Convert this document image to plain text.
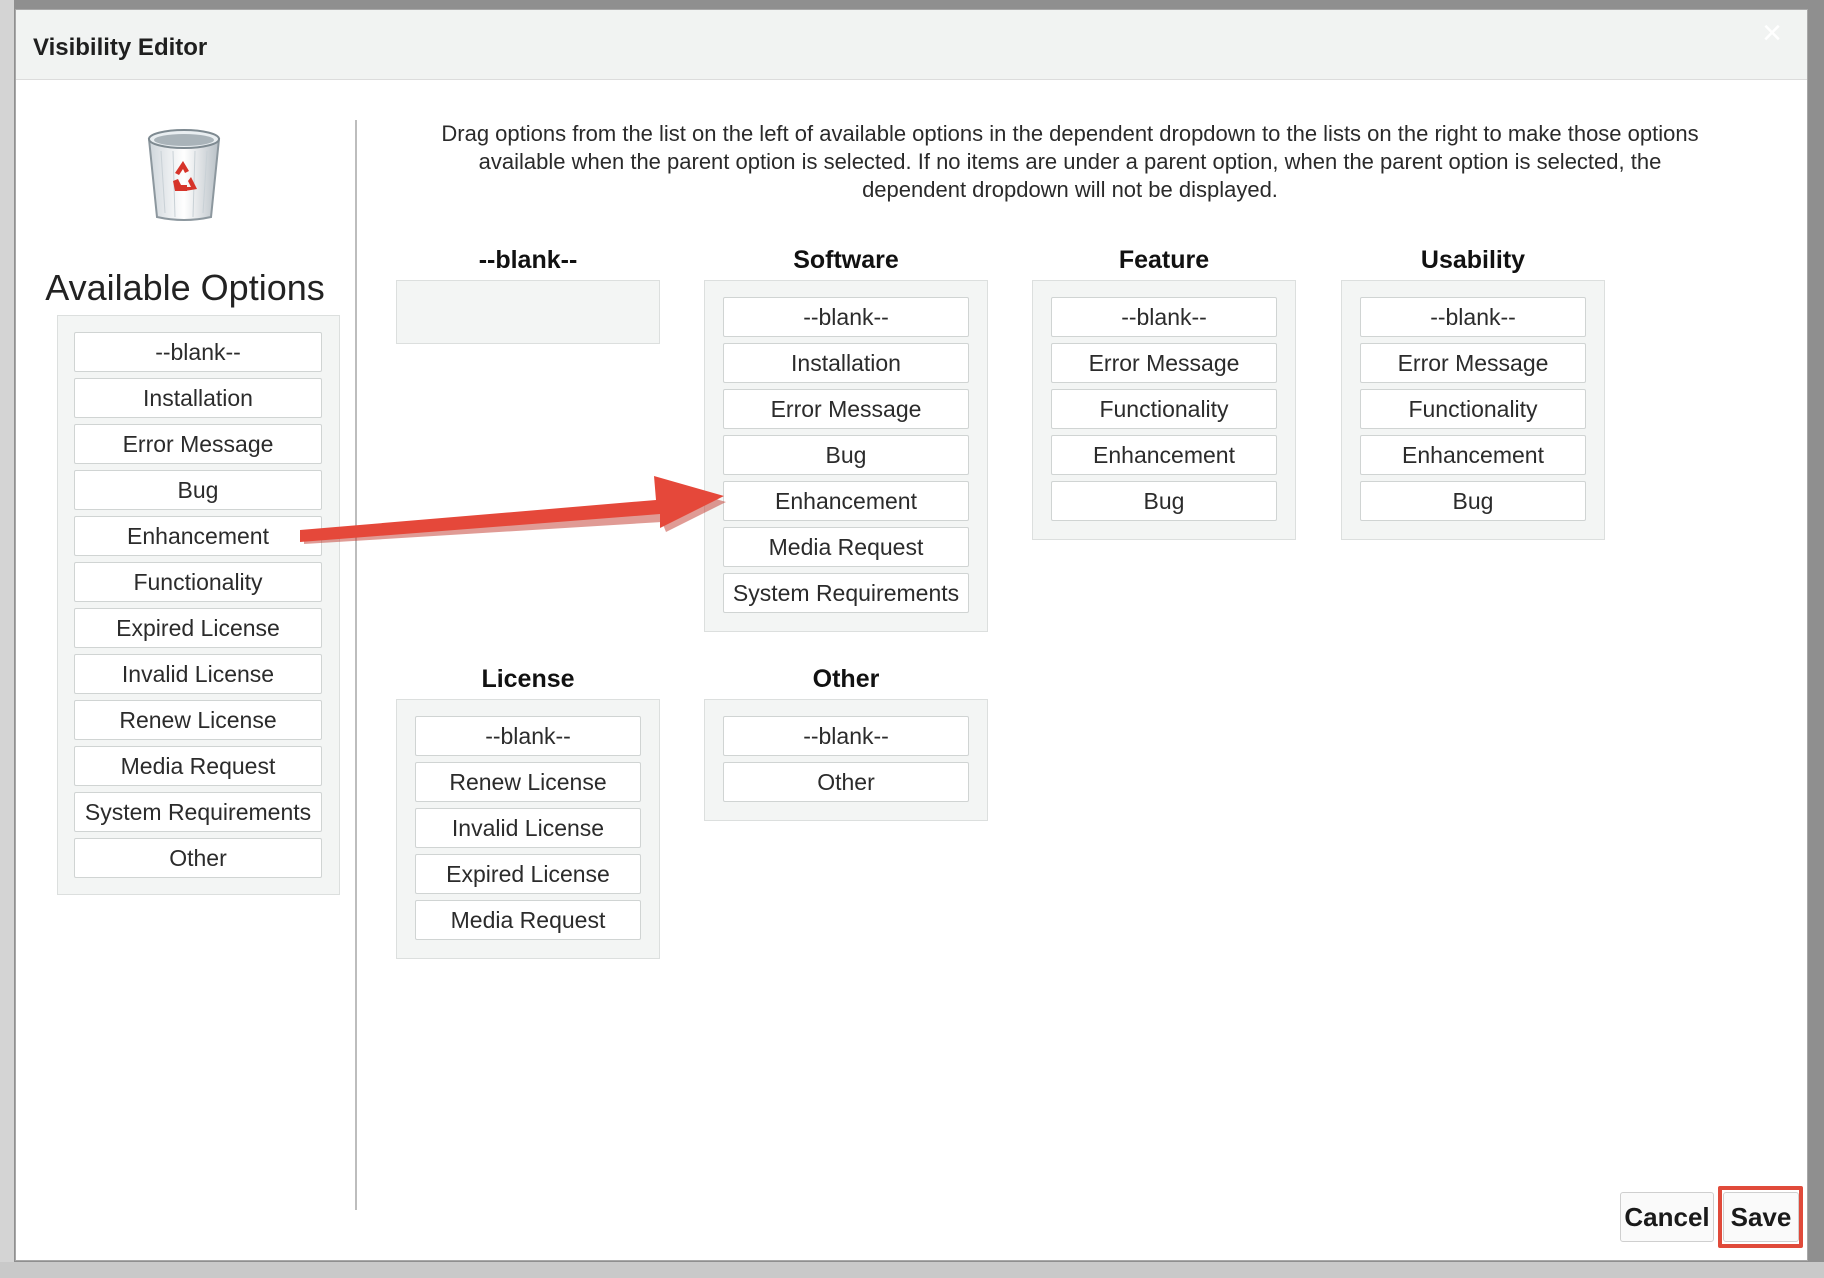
Visibility Editor	×
Available Options
--blank--
Installation
Error Message
Bug
Enhancement
Functionality
Expired License
Invalid License
Renew License
Media Request
System Requirements
Other
Drag options from the list on the left of available options in the dependent dropdown to the lists on the right to make those options available when the parent option is selected. If no items are under a parent option, when the parent option is selected, the dependent dropdown will not be displayed.
--blank--	Software
--blank--
Installation
Error Message
Bug
Enhancement
Media Request
System Requirements
Feature
--blank--
Error Message
Functionality
Enhancement
Bug
Usability
--blank--
Error Message
Functionality
Enhancement
Bug
License
--blank--
Renew License
Invalid License
Expired License
Media Request
Other
--blank--
Other
Cancel Save
